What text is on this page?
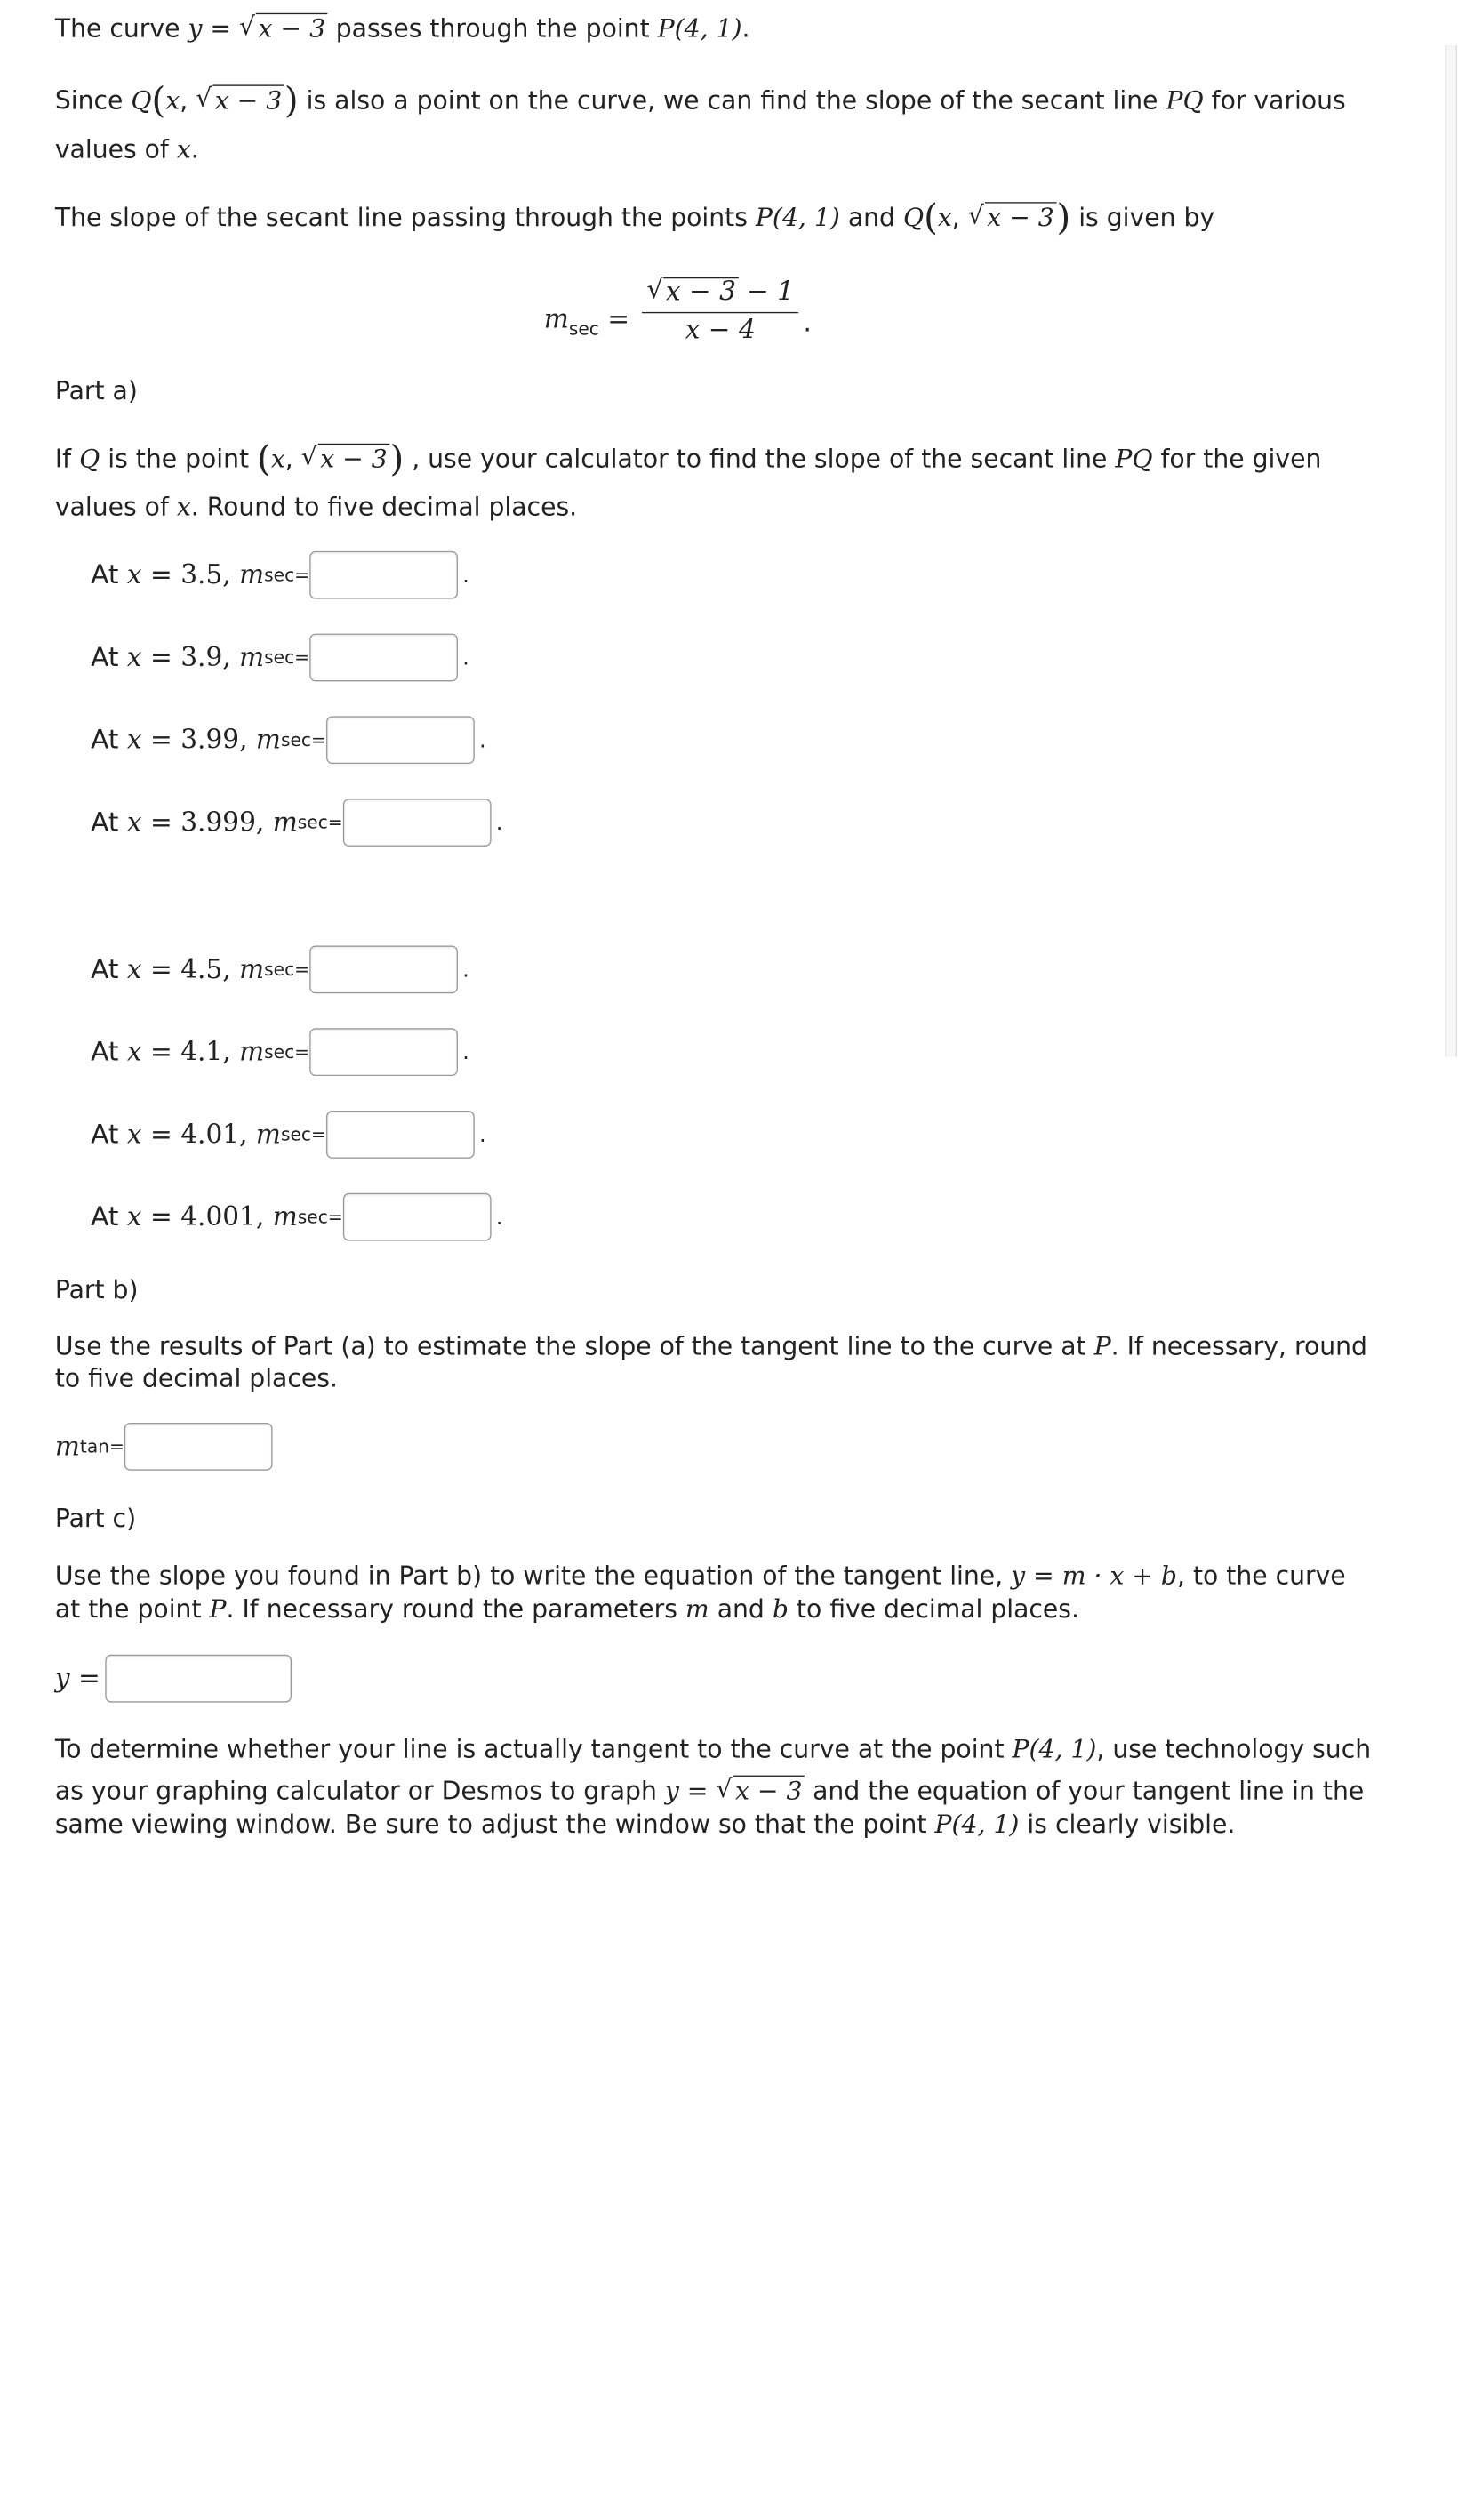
The curve y = √ x − 3 passes through the point P(4, 1).
Since Q(x, √ x − 3) is also a point on the curve, we can find the slope of the secant line PQ for various
values of x.
The slope of the secant line passing through the points P(4, 1) and Q(x, √ x − 3) is given by
$m_{sec} = \frac{√ x - 3 - 1}{x - 4}$ .
Part a)
If Q is the point (x, √ x − 3) , use your calculator to find the slope of the secant line PQ for the given
values of x. Round to five decimal places.
At
x
=
3.5 ,
m sec=	.
At
x
=
3.9 ,
m sec=	.
At
x
=
3.99 ,
m sec=	.
At
x
=
3.999 ,
m sec=	.
At
x
=
4.5 ,
m sec=	.
At
x
=
4.1 ,
m sec=	.
At
x
=
4.01 ,
m sec=	.
At
x
=
4.001 ,
m sec=	.
Part b)
Use the results of Part (a) to estimate the slope of the tangent line to the curve at P. If necessary, round
to five decimal places.
m tan =
Part c)
Use the slope you found in Part b) to write the equation of the tangent line, y = m · x + b, to the curve
at the point P. If necessary round the parameters m and b to five decimal places.
y =
To determine whether your line is actually tangent to the curve at the point P(4, 1), use technology such
as your graphing calculator or Desmos to graph y = √ x − 3 and the equation of your tangent line in the
same viewing window. Be sure to adjust the window so that the point P(4, 1) is clearly visible.
